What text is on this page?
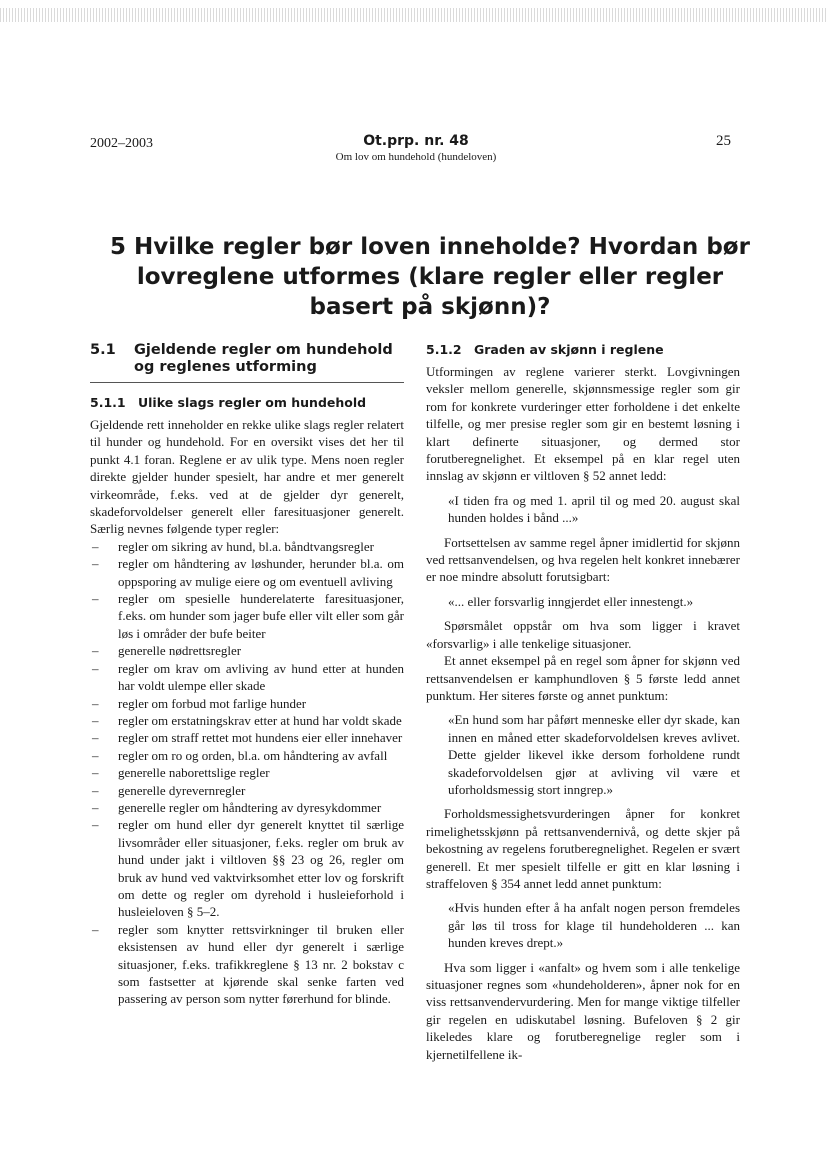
2002–2003	Ot.prp. nr. 48
Om lov om hundehold (hundeloven)
25
5 Hvilke regler bør loven inneholde? Hvordan bør lovreglene utformes (klare regler eller regler basert på skjønn)?
5.1	Gjeldende regler om hundehold og reglenes utforming
5.1.1 Ulike slags regler om hundehold

Gjeldende rett inneholder en rekke ulike slags regler relatert til hunder og hundehold. For en oversikt vises det her til punkt 4.1 foran. Reglene er av ulik type. Mens noen regler direkte gjelder hunder spesielt, har andre et mer generelt virkeområde, f.eks. ved at de gjelder dyr generelt, skadeforvoldelser generelt eller faresituasjoner generelt. Særlig nevnes følgende typer regler:

– regler om sikring av hund, bl.a. båndtvangsregler
– regler om håndtering av løshunder, herunder bl.a. om oppsporing av mulige eiere og om eventuell avliving
– regler om spesielle hunderelaterte faresituasjoner, f.eks. om hunder som jager bufe eller vilt eller som går løs i områder der bufe beiter
– generelle nødrettsregler
– regler om krav om avliving av hund etter at hunden har voldt ulempe eller skade
– regler om forbud mot farlige hunder
– regler om erstatningskrav etter at hund har voldt skade
– regler om straff rettet mot hundens eier eller innehaver
– regler om ro og orden, bl.a. om håndtering av avfall
– generelle naborettslige regler
– generelle dyrevernregler
– generelle regler om håndtering av dyresykdommer
– regler om hund eller dyr generelt knyttet til særlige livsområder eller situasjoner, f.eks. regler om bruk av hund under jakt i viltloven §§ 23 og 26, regler om bruk av hund ved vaktvirksomhet etter lov og forskrift om dette og regler om dyrehold i husleieforhold i husleieloven § 5–2.
– regler som knytter rettsvirkninger til bruken eller eksistensen av hund eller dyr generelt i særlige situasjoner, f.eks. trafikkreglene § 13 nr. 2 bokstav c som fastsetter at kjørende skal senke farten ved passering av person som nytter førerhund for blinde.
5.1.2 Graden av skjønn i reglene

Utformingen av reglene varierer sterkt. Lovgivningen veksler mellom generelle, skjønnsmessige regler som gir rom for konkrete vurderinger etter forholdene i det enkelte tilfelle, og mer presise regler som gir en bestemt løsning i klart definerte situasjoner, og dermed stor forutberegnelighet. Et eksempel på en klar regel uten innslag av skjønn er viltloven § 52 annet ledd:

«I tiden fra og med 1. april til og med 20. august skal hunden holdes i bånd ...»

Fortsettelsen av samme regel åpner imidlertid for skjønn ved rettsanvendelsen, og hva regelen helt konkret innebærer er noe mindre absolutt forutsigbart:

«... eller forsvarlig inngjerdet eller innestengt.»

Spørsmålet oppstår om hva som ligger i kravet «forsvarlig» i alle tenkelige situasjoner.

Et annet eksempel på en regel som åpner for skjønn ved rettsanvendelsen er kamphundloven § 5 første ledd annet punktum. Her siteres første og annet punktum:

«En hund som har påført menneske eller dyr skade, kan innen en måned etter skadeforvoldelsen kreves avlivet. Dette gjelder likevel ikke dersom forholdene rundt skadeforvoldelsen gjør at avliving vil være et uforholdsmessig stort inngrep.»

Forholdsmessighetsvurderingen åpner for konkret rimelighetsskjønn på rettsanvendernivå, og dette skjer på bekostning av regelens forutberegnelighet. Regelen er svært generell. Et mer spesielt tilfelle er gitt en klar løsning i straffeloven § 354 annet ledd annet punktum:

«Hvis hunden efter å ha anfalt nogen person fremdeles går løs til tross for klage til hundeholderen ... kan hunden kreves drept.»

Hva som ligger i «anfalt» og hvem som i alle tenkelige situasjoner regnes som «hundeholderen», åpner nok for en viss rettsanvendervurdering. Men for mange viktige tilfeller gir regelen en udiskutabel løsning. Bufeloven § 2 gir likeledes klare og forutberegnelige regler som i kjernetilfellene ik-
